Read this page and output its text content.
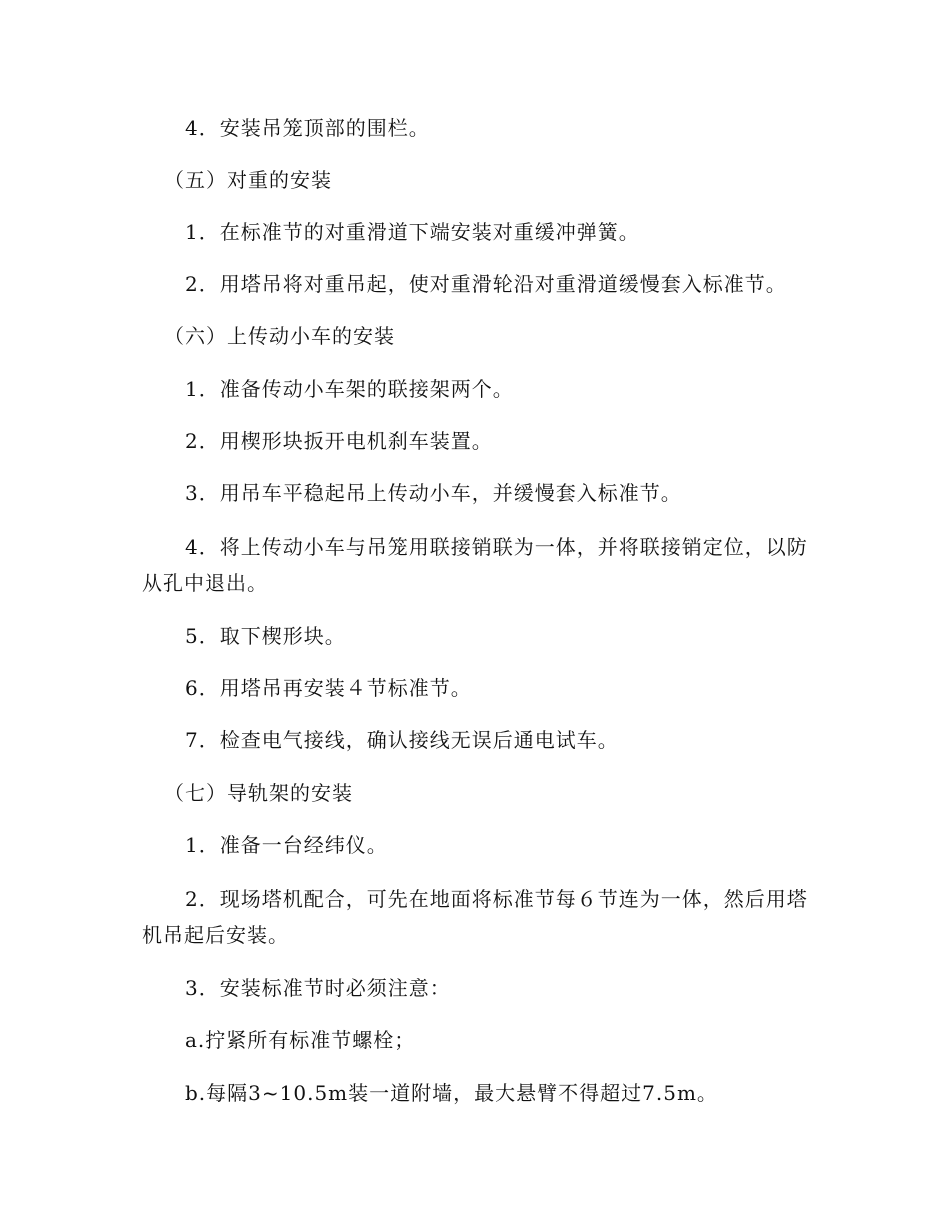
4．安装吊笼顶部的围栏。

（五）对重的安装

1．在标准节的对重滑道下端安装对重缓冲弹簧。

2．用塔吊将对重吊起，使对重滑轮沿对重滑道缓慢套入标准节。

（六）上传动小车的安装

1．准备传动小车架的联接架两个。

2．用楔形块扳开电机刹车装置。

3．用吊车平稳起吊上传动小车，并缓慢套入标准节。

4．将上传动小车与吊笼用联接销联为一体，并将联接销定位，以防从孔中退出。

5．取下楔形块。

6．用塔吊再安装４节标准节。

7．检查电气接线，确认接线无误后通电试车。

（七）导轨架的安装

1．准备一台经纬仪。

2．现场塔机配合，可先在地面将标准节每６节连为一体，然后用塔机吊起后安装。

3．安装标准节时必须注意：

a.拧紧所有标准节螺栓；

b.每隔3~10.5m装一道附墙，最大悬臂不得超过7.5m。
